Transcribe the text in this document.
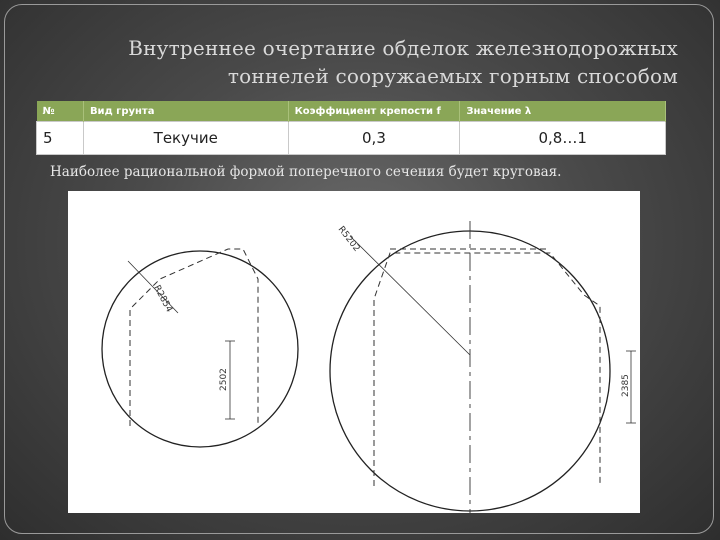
Внутреннее очертание обделок железнодорожных
тоннелей сооружаемых горным способом
№	Вид грунта	Коэффициент крепости f	Значение λ
5	Текучие	0,3	0,8…1
Наиболее рациональной формой поперечного сечения будет круговая.
R2854
2502
R5202
2385
